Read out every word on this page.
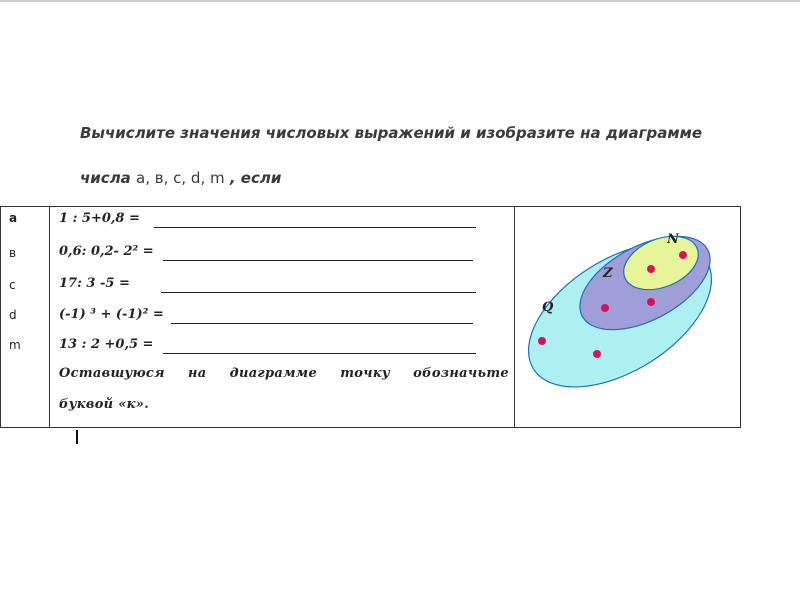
Вычислите значения числовых выражений и изобразите на диаграмме
числа а, в, с, d, m , если
а
в
с
d
m
1 : 5+0,8 =
0,6: 0,2- 2² =
17: 3 -5 =
(-1) ³ + (-1)² =
13 : 2 +0,5 =
Оставшуюся на диаграмме точку обозначьте
буквой «к».
N
Z
Q
